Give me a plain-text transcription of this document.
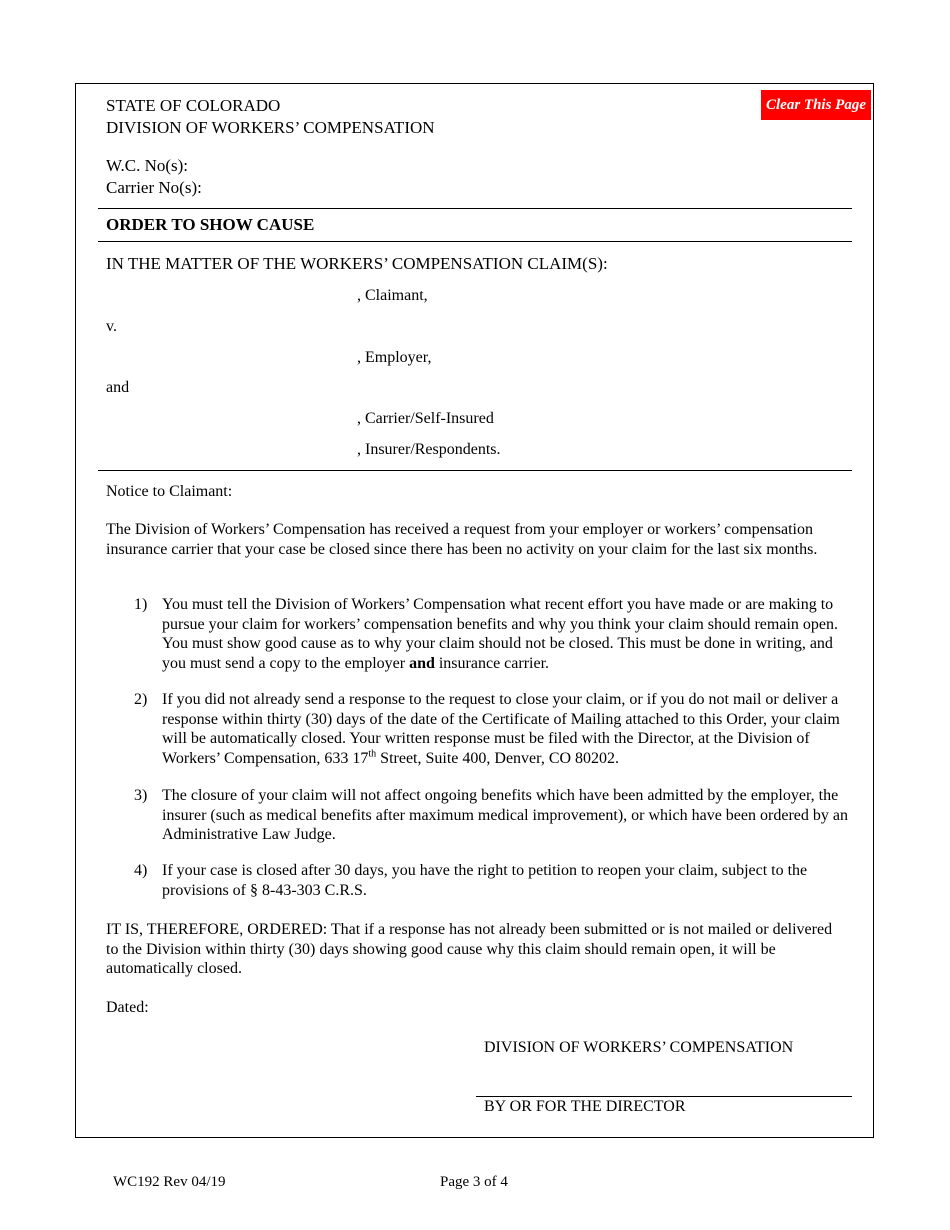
STATE OF COLORADO
DIVISION OF WORKERS’ COMPENSATION
Clear This Page
W.C. No(s):
Carrier No(s):
ORDER TO SHOW CAUSE
IN THE MATTER OF THE WORKERS’ COMPENSATION CLAIM(S):
, Claimant,
v.
, Employer,
and
, Carrier/Self-Insured
, Insurer/Respondents.
Notice to Claimant:
The Division of Workers’ Compensation has received a request from your employer or workers’ compensation insurance carrier that your case be closed since there has been no activity on your claim for the last six months.
1) You must tell the Division of Workers’ Compensation what recent effort you have made or are making to pursue your claim for workers’ compensation benefits and why you think your claim should remain open. You must show good cause as to why your claim should not be closed. This must be done in writing, and you must send a copy to the employer and insurance carrier.
2) If you did not already send a response to the request to close your claim, or if you do not mail or deliver a response within thirty (30) days of the date of the Certificate of Mailing attached to this Order, your claim will be automatically closed. Your written response must be filed with the Director, at the Division of Workers’ Compensation, 633 17th Street, Suite 400, Denver, CO 80202.
3) The closure of your claim will not affect ongoing benefits which have been admitted by the employer, the insurer (such as medical benefits after maximum medical improvement), or which have been ordered by an Administrative Law Judge.
4) If your case is closed after 30 days, you have the right to petition to reopen your claim, subject to the provisions of § 8-43-303 C.R.S.
IT IS, THEREFORE, ORDERED: That if a response has not already been submitted or is not mailed or delivered to the Division within thirty (30) days showing good cause why this claim should remain open, it will be automatically closed.
Dated:
DIVISION OF WORKERS’ COMPENSATION
BY OR FOR THE DIRECTOR
WC192 Rev 04/19	Page 3 of 4
